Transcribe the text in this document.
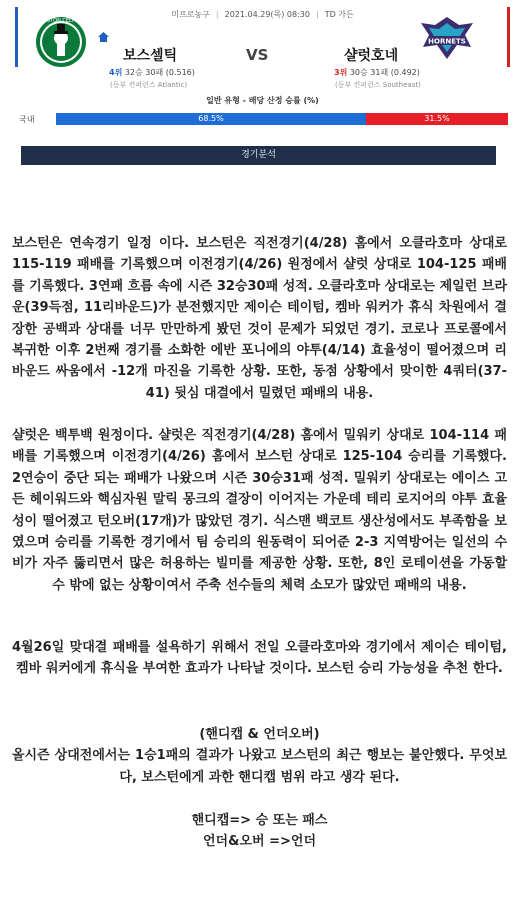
미프로농구 | 2021.04.29(목) 08:30 | TD 가든
BOSTON CELTICS
보스셀틱	VS	샬럿호네
4위 32승 30패 (0.516)
(동부 컨퍼런스 Atlantic)
3위 30승 31패 (0.492)
(동부 컨퍼런스 Southeast)
HORNETS
일반 유형 - 배당 산정 승률 (%)
국내	68.5%	31.5%
경기분석

보스턴은 연속경기 일정 이다. 보스턴은 직전경기(4/28) 홈에서 오클라호마 상대로 115-119 패배를 기록했으며 이전경기(4/26) 원정에서 샬럿 상대로 104-125 패배를 기록했다. 3연패 흐름 속에 시즌 32승30패 성적. 오클라호마 상대로는 제일런 브라운(39득점, 11리바운드)가 분전했지만 제이슨 테이텀, 켐바 워커가 휴식 차원에서 결장한 공백과 상대를 너무 만만하게 봤던 것이 문제가 되었던 경기. 코로나 프로콜에서 복귀한 이후 2번째 경기를 소화한 에반 포니에의 야투(4/14) 효율성이 떨어졌으며 리바운드 싸움에서 -12개 마진을 기록한 상황. 또한, 동점 상황에서 맞이한 4쿼터(37-41) 뒷심 대결에서 밀렸던 패배의 내용.

샬럿은 백투백 원정이다. 샬럿은 직전경기(4/28) 홈에서 밀워키 상대로 104-114 패배를 기록했으며 이전경기(4/26) 홈에서 보스턴 상대로 125-104 승리를 기록했다. 2연승이 중단 되는 패배가 나왔으며 시즌 30승31패 성적. 밀워키 상대로는 에이스 고든 헤이워드와 핵심자원 말릭 몽크의 결장이 이어지는 가운데 테리 로지어의 야투 효율성이 떨어졌고 턴오버(17개)가 많았던 경기. 식스맨 백코트 생산성에서도 부족함을 보였으며 승리를 기록한 경기에서 팀 승리의 원동력이 되어준 2-3 지역방어는 일선의 수비가 자주 뚫리면서 많은 허용하는 빌미를 제공한 상황. 또한, 8인 로테이션을 가동할수 밖에 없는 상황이여서 주축 선수들의 체력 소모가 많았던 패배의 내용.

4월26일 맞대결 패배를 설욕하기 위해서 전일 오클라호마와 경기에서 제이슨 테이텀, 켐바 워커에게 휴식을 부여한 효과가 나타날 것이다. 보스턴 승리 가능성을 추천 한다.

(핸디캡 & 언더오버)

올시즌 상대전에서는 1승1패의 결과가 나왔고 보스턴의 최근 행보는 불안했다. 무엇보다, 보스턴에게 과한 핸디캡 범위 라고 생각 된다.

핸디캡=> 승 또는 패스

언더&오버 =>언더
